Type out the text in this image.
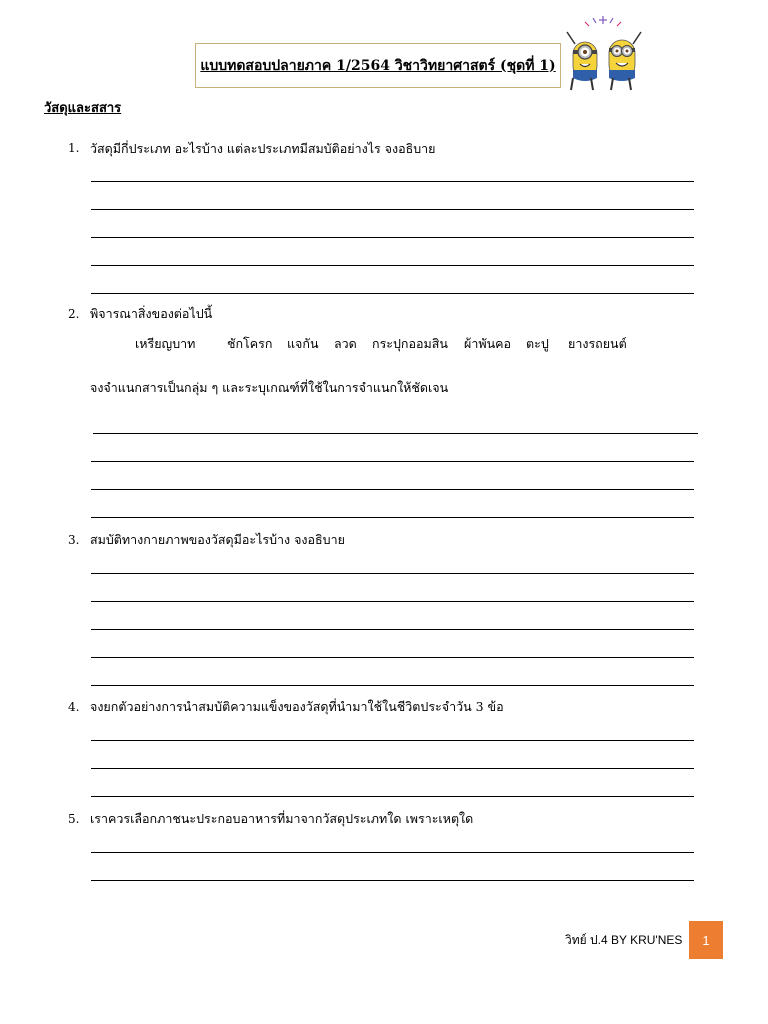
แบบทดสอบปลายภาค 1/2564 วิชาวิทยาศาสตร์ (ชุดที่ 1)
วัสดุและสสาร
1. วัสดุมีกี่ประเภท อะไรบ้าง แต่ละประเภทมีสมบัติอย่างไร จงอธิบาย
2. พิจารณาสิ่งของต่อไปนี้
เหรียญบาท	ชักโครก	แจกัน	ลวด	กระปุกออมสิน	ผ้าพันคอ	ตะปู	ยางรถยนต์
จงจำแนกสารเป็นกลุ่ม ๆ และระบุเกณฑ์ที่ใช้ในการจำแนกให้ชัดเจน
3. สมบัติทางกายภาพของวัสดุมีอะไรบ้าง จงอธิบาย
4. จงยกตัวอย่างการนำสมบัติความแข็งของวัสดุที่นำมาใช้ในชีวิตประจำวัน 3 ข้อ
5. เราควรเลือกภาชนะประกอบอาหารที่มาจากวัสดุประเภทใด เพราะเหตุใด
วิทย์ ป.4 BY KRU'NES	1
